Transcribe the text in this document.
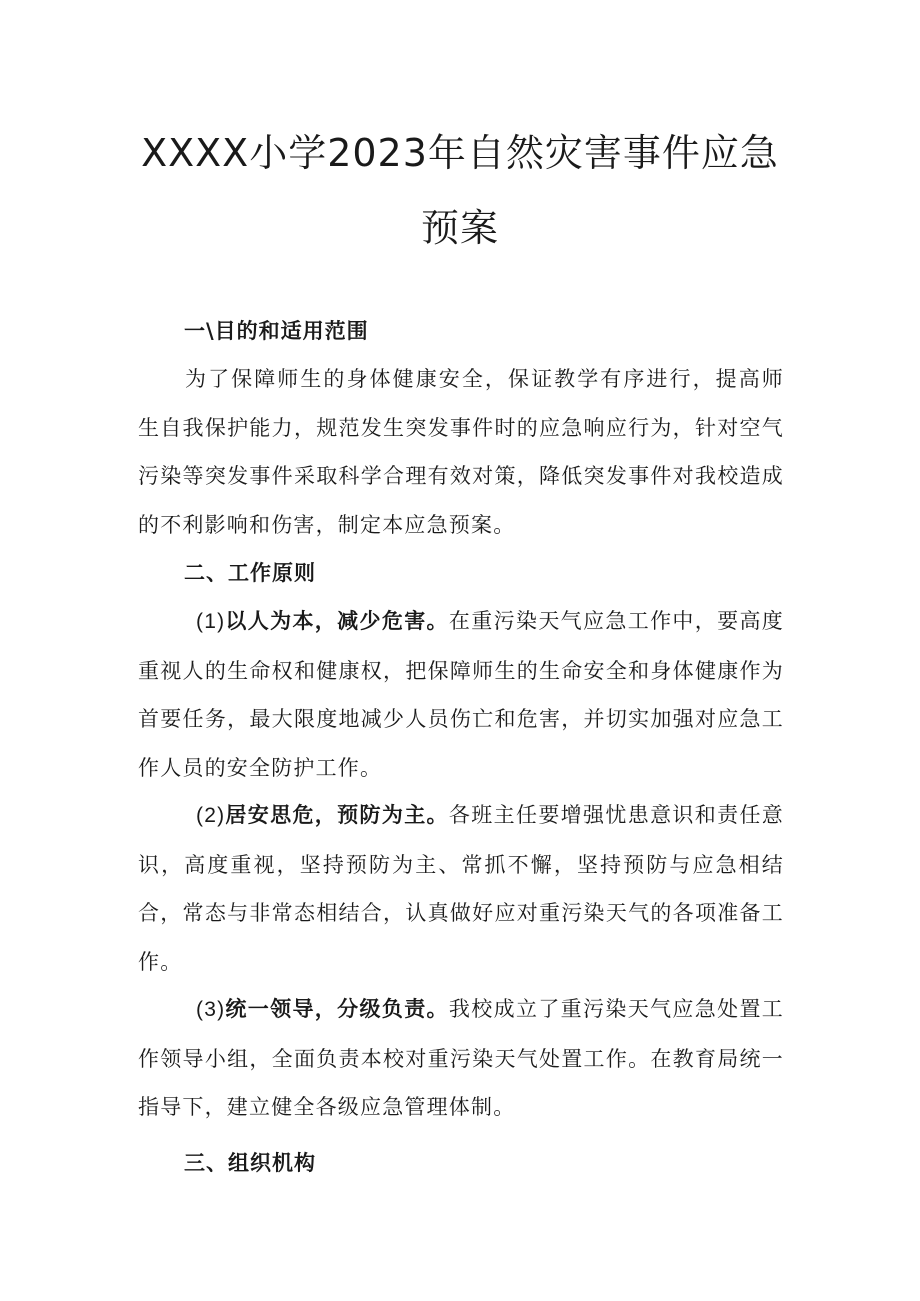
XXXX小学2023年自然灾害事件应急
预案
一\目的和适用范围

为了保障师生的身体健康安全，保证教学有序进行，提高师生自我保护能力，规范发生突发事件时的应急响应行为，针对空气污染等突发事件采取科学合理有效对策，降低突发事件对我校造成的不利影响和伤害，制定本应急预案。

二、工作原则

(1)以人为本，减少危害。在重污染天气应急工作中，要高度重视人的生命权和健康权，把保障师生的生命安全和身体健康作为首要任务，最大限度地减少人员伤亡和危害，并切实加强对应急工作人员的安全防护工作。

(2)居安思危，预防为主。各班主任要增强忧患意识和责任意识，高度重视，坚持预防为主、常抓不懈，坚持预防与应急相结合，常态与非常态相结合，认真做好应对重污染天气的各项准备工作。

(3)统一领导，分级负责。我校成立了重污染天气应急处置工作领导小组，全面负责本校对重污染天气处置工作。在教育局统一指导下，建立健全各级应急管理体制。

三、组织机构
